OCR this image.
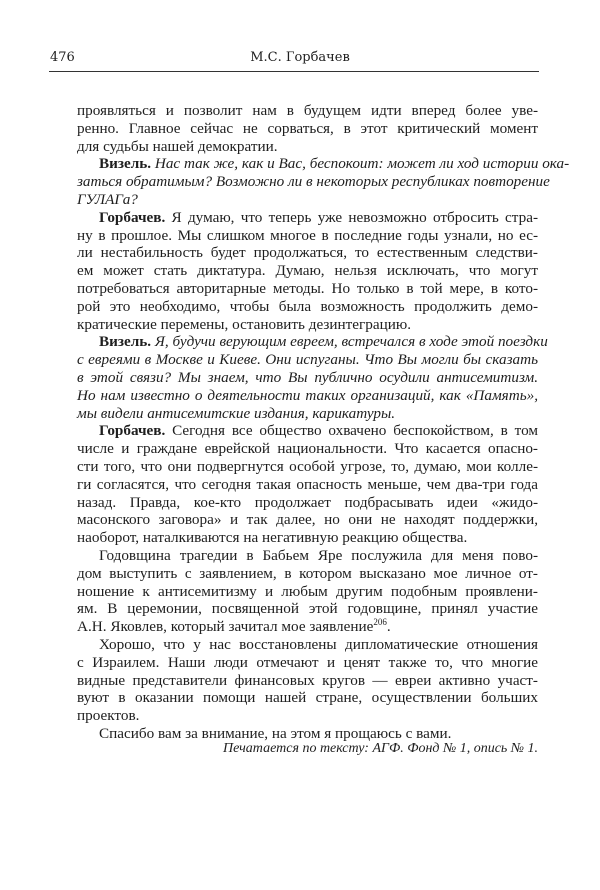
476	М.С. Горбачев
проявляться и позволит нам в будущем идти вперед более уве-
ренно. Главное сейчас не сорваться, в этот критический момент
для судьбы нашей демократии.
Визель. Нас так же, как и Вас, беспокоит: может ли ход истории ока-
заться обратимым? Возможно ли в некоторых республиках повторение
ГУЛАГа?
Горбачев. Я думаю, что теперь уже невозможно отбросить стра-
ну в прошлое. Мы слишком многое в последние годы узнали, но ес-
ли нестабильность будет продолжаться, то естественным следстви-
ем может стать диктатура. Думаю, нельзя исключать, что могут
потребоваться авторитарные методы. Но только в той мере, в кото-
рой это необходимо, чтобы была возможность продолжить демо-
кратические перемены, остановить дезинтеграцию.
Визель. Я, будучи верующим евреем, встречался в ходе этой поездки
с евреями в Москве и Киеве. Они испуганы. Что Вы могли бы сказать
в этой связи? Мы знаем, что Вы публично осудили антисемитизм.
Но нам известно о деятельности таких организаций, как «Память»,
мы видели антисемитские издания, карикатуры.
Горбачев. Сегодня все общество охвачено беспокойством, в том
числе и граждане еврейской национальности. Что касается опасно-
сти того, что они подвергнутся особой угрозе, то, думаю, мои колле-
ги согласятся, что сегодня такая опасность меньше, чем два-три года
назад. Правда, кое-кто продолжает подбрасывать идеи «жидо-
масонского заговора» и так далее, но они не находят поддержки,
наоборот, наталкиваются на негативную реакцию общества.
Годовщина трагедии в Бабьем Яре послужила для меня пово-
дом выступить с заявлением, в котором высказано мое личное от-
ношение к антисемитизму и любым другим подобным проявлени-
ям. В церемонии, посвященной этой годовщине, принял участие
А.Н. Яковлев, который зачитал мое заявление$^{206}$.
Хорошо, что у нас восстановлены дипломатические отношения
с Израилем. Наши люди отмечают и ценят также то, что многие
видные представители финансовых кругов — евреи активно участ-
вуют в оказании помощи нашей стране, осуществлении больших
проектов.
Спасибо вам за внимание, на этом я прощаюсь с вами.
Печатается по тексту: АГФ. Фонд № 1, опись № 1.
